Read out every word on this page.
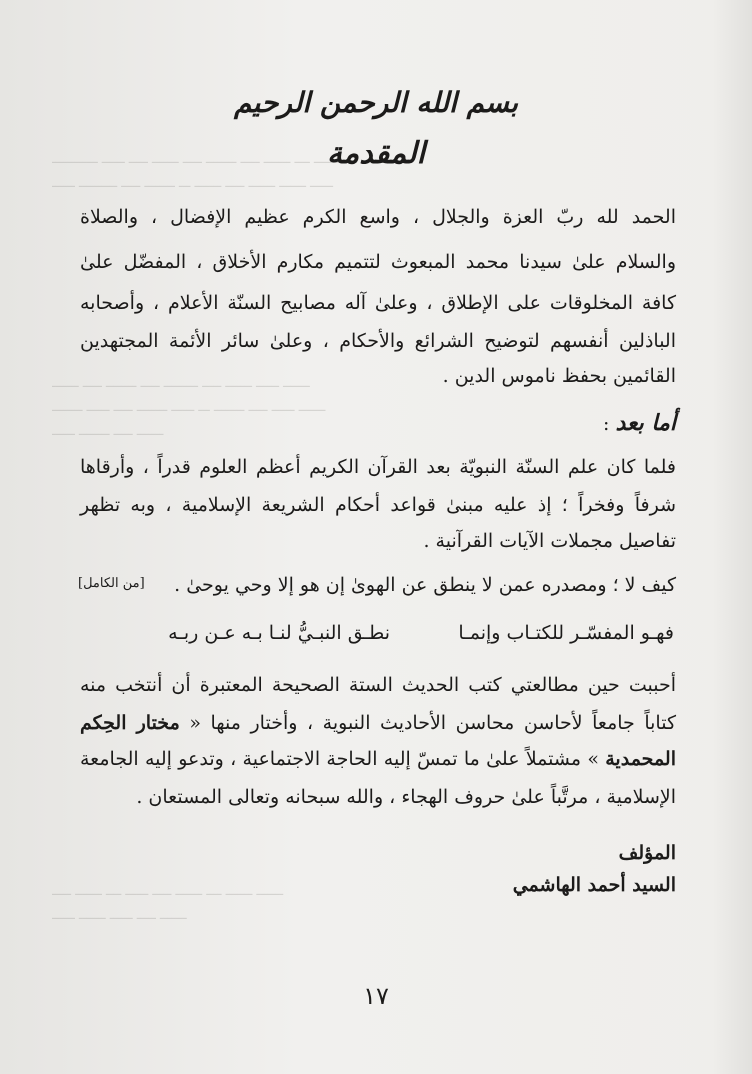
ــــــــــــ ــــــ ـــــ ـــــــ ـــــ ــــــــ ـــــ ـــــــ ــــ ـــــــ
ــــــ ــــــــــ ـــــ ــــــــ ـــ ـــــــ ـــــ ـــــــ ـــــــ ــــــ
ـــــــ ـــــ ــــــــ ـــــ ـــــــــ ـــــ ـــــــ ــــــ ـــــــ
ــــــــ ــــــ ـــــ ــــــــ ــــــ ـــ ــــــــ ـــــ ــــــ ـــــــ
ــــــ ــــــــ ـــــ ـــــــ
ـــــ ـــــــ ــــ ــــــ ـــــ ـــــــ ــــ ـــــــ ـــــــ
ــــــ ـــــــ ــــــ ـــــ ـــــــ
بسم الله الرحمن الرحيم
المقدمة
الحمد لله ربّ العزة والجلال ، واسع الكرم عظيم الإفضال ، والصلاة
والسلام علىٰ سيدنا محمد المبعوث لتتميم مكارم الأخلاق ، المفضّل علىٰ
كافة المخلوقات على الإطلاق ، وعلىٰ آله مصابيح السنّة الأعلام ، وأصحابه
الباذلين أنفسهم لتوضيح الشرائع والأحكام ، وعلىٰ سائر الأئمة المجتهدين
القائمين بحفظ ناموس الدين .
أما بعد:
فلما كان علم السنّة النبويّة بعد القرآن الكريم أعظم العلوم قدراً ، وأرقاها
شرفاً وفخراً ؛ إذ عليه مبنىٰ قواعد أحكام الشريعة الإسلامية ، وبه تظهر
تفاصيل مجملات الآيات القرآنية .
كيف لا ؛ ومصدره عمن لا ينطق عن الهوىٰ إن هو إلا وحي يوحىٰ .
[من الكامل]
فهـو المفسّـر للكتـاب وإنمـا
نطـق النبـيُّ لنـا بـه عـن ربـه
أحببت حين مطالعتي كتب الحديث الستة الصحيحة المعتبرة أن أنتخب منه
كتاباً جامعاً لأحاسن محاسن الأحاديث النبوية ، وأختار منها « مختار الحِكم
المحمدية » مشتملاً علىٰ ما تمسّ إليه الحاجة الاجتماعية ، وتدعو إليه الجامعة
الإسلامية ، مرتَّباً علىٰ حروف الهجاء ، والله سبحانه وتعالى المستعان .
المؤلف
السيد أحمد الهاشمي
١٧
